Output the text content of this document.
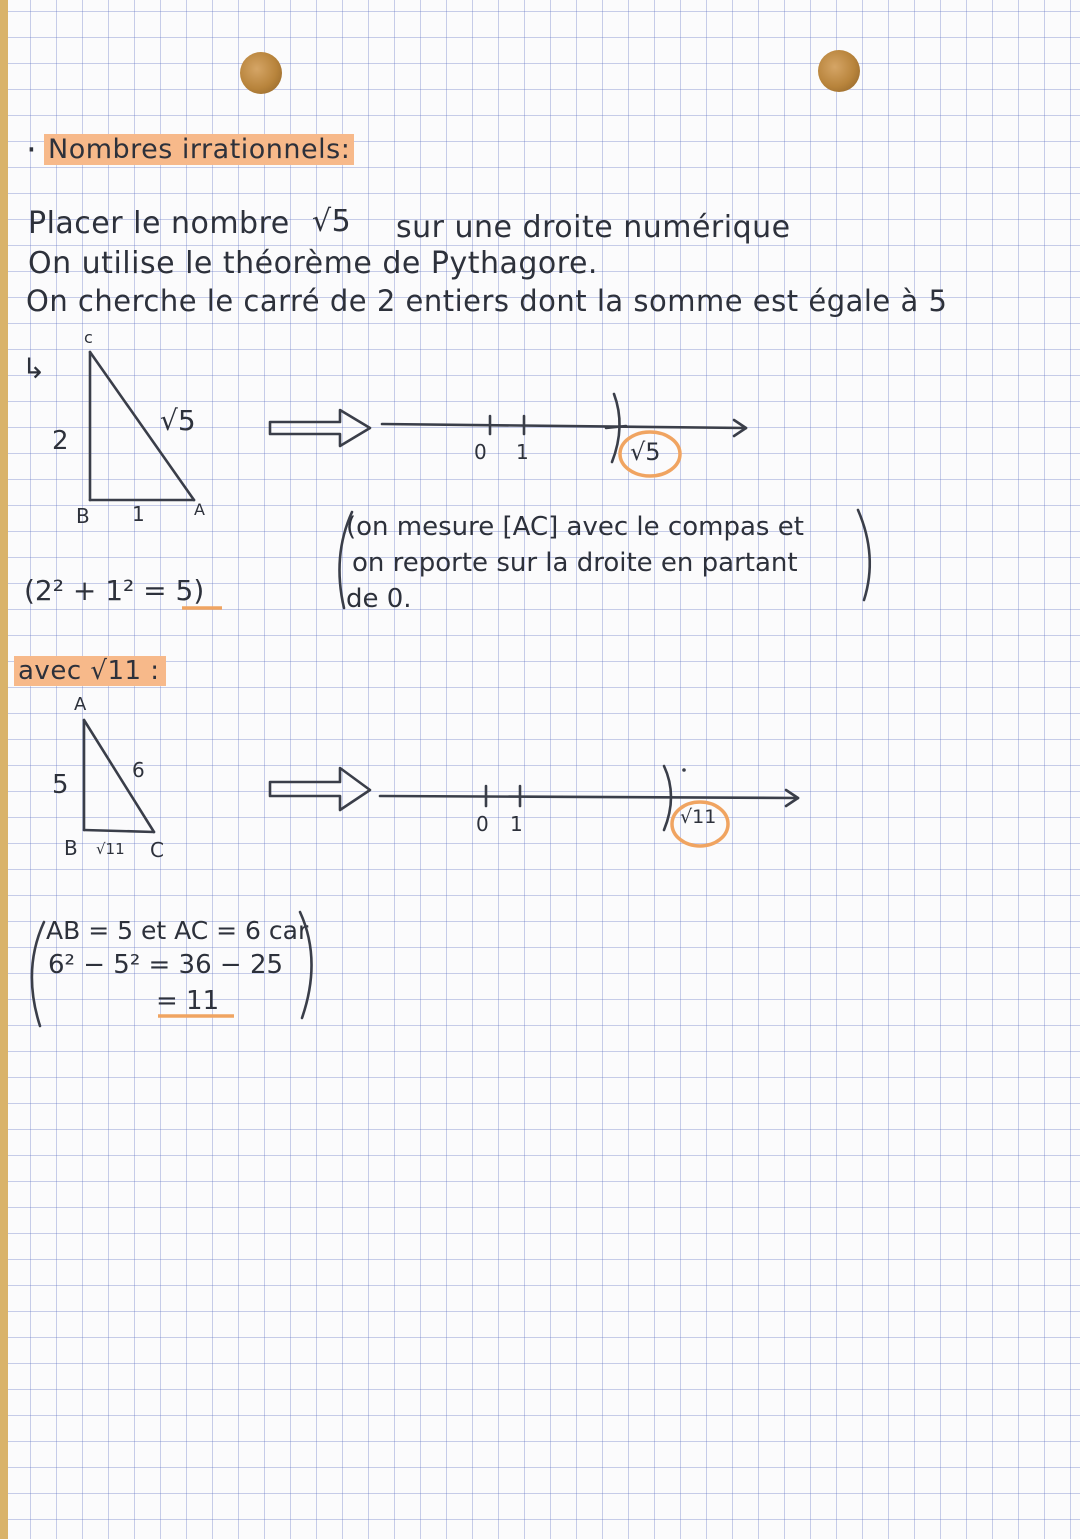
· Nombres irrationnels:
Placer le nombre √5 sur une droite numérique
On utilise le théorème de Pythagore.
On cherche le carré de 2 entiers dont la somme est égale à 5
↳
c
2
√5
B 1	A
0 1	√5
(2² + 1² = 5)
(on mesure [AC] avec le compas et
on reporte sur la droite en partant
de 0.
avec √11 :
A
5	6
B √11 C
0 1	√11
AB = 5 et AC = 6 car
6² − 5² = 36 − 25
= 11
